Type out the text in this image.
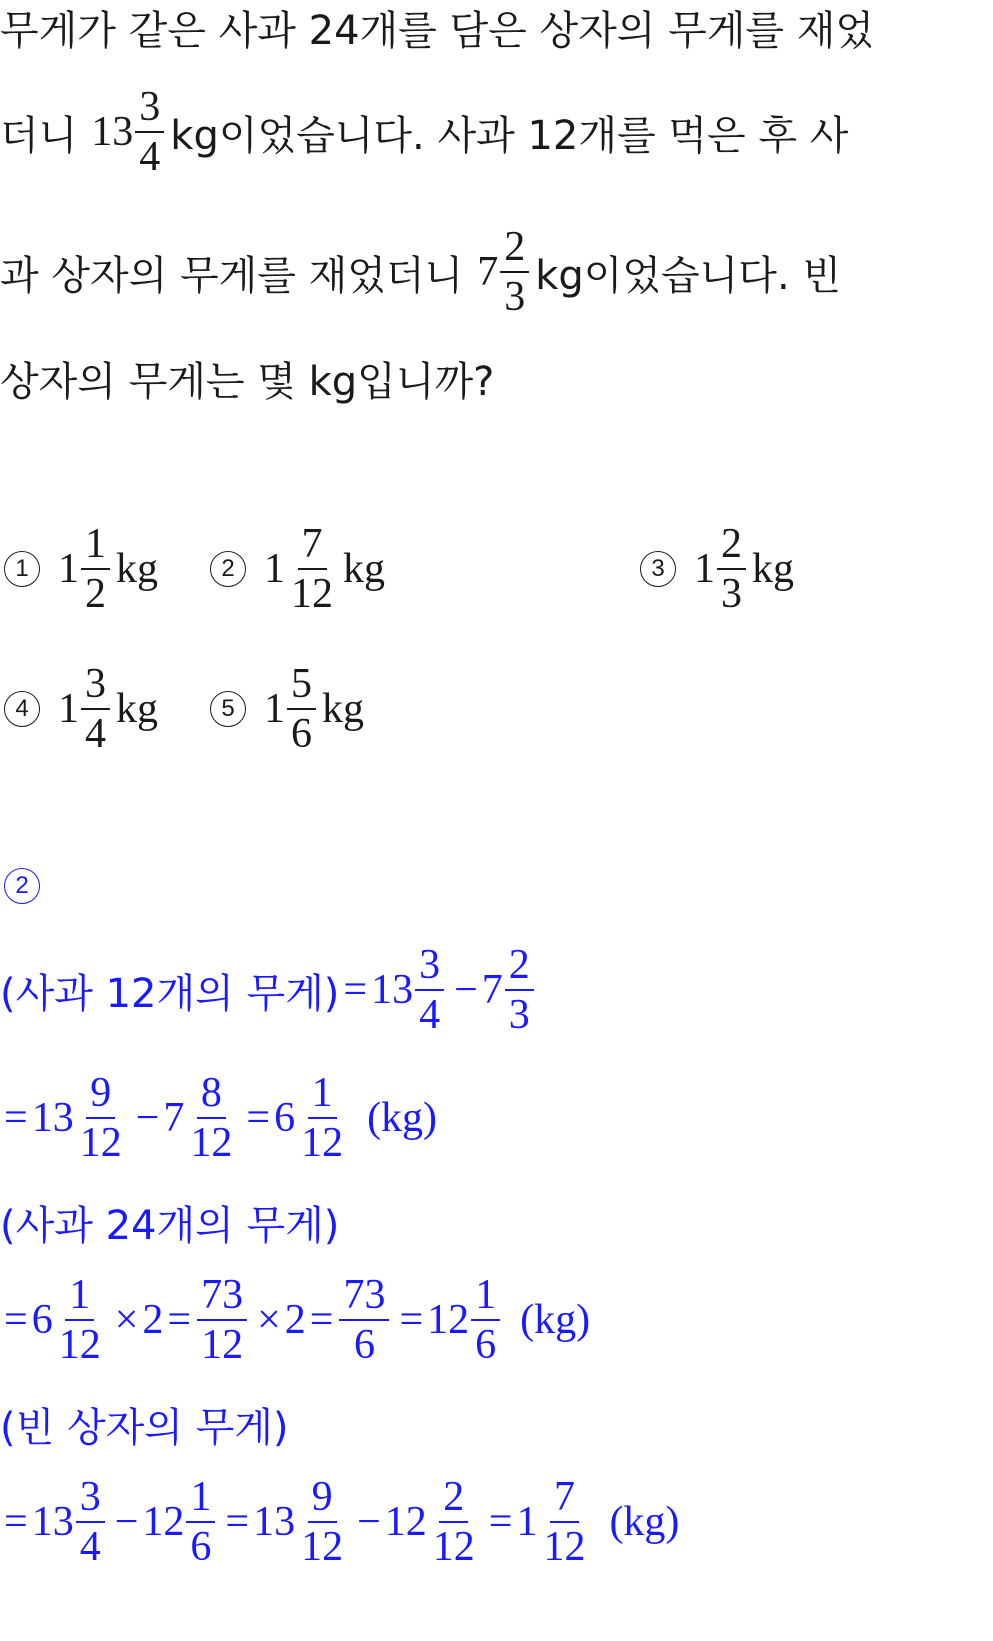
무게가 같은 사과 24개를 담은 상자의 무게를 재었
더니 $13 \frac{3}{4}$ kg이었습니다. 사과 12개를 먹은 후 사
과 상자의 무게를 재었더니 $7 \frac{2}{3}$ kg이었습니다. 빈
상자의 무게는 몇 kg입니까?
1 $1 \frac{1}{2}$ kg	2 $1 \frac{7}{12}$ kg	3 $1 \frac{2}{3}$ kg
4 $1 \frac{3}{4}$ kg	5 $1 \frac{5}{6}$ kg
2
(사과 12개의 무게) = $13 \frac{3}{4} - 7 \frac{2}{3}$
= $13 \frac{9}{12} - 7 \frac{8}{12} = 6 \frac{1}{12} (kg)$
(사과 24개의 무게)
= $6 \frac{1}{12} \times 2 = \frac{73}{12} \times 2 = \frac{73}{6} = 12 \frac{1}{6} (kg)$
(빈 상자의 무게)
= $13 \frac{3}{4} - 12 \frac{1}{6} = 13 \frac{9}{12} - 12 \frac{2}{12} = 1 \frac{7}{12} (kg)$
